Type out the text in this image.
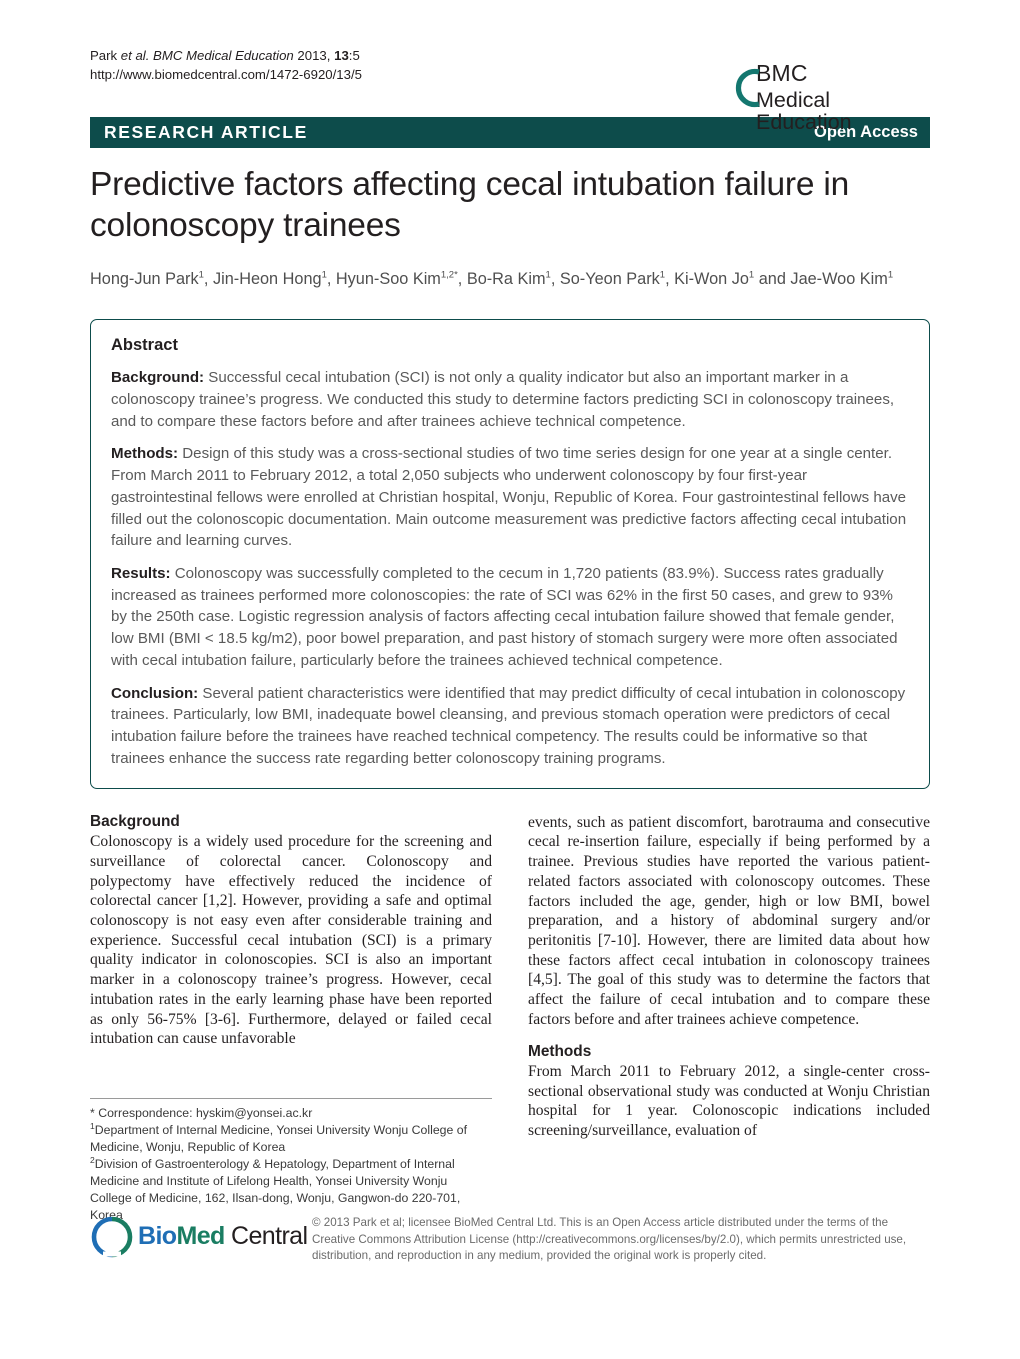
Park et al. BMC Medical Education 2013, 13:5
http://www.biomedcentral.com/1472-6920/13/5	BMC
Medical Education
RESEARCH ARTICLE	Open Access
Predictive factors affecting cecal intubation failure in colonoscopy trainees
Hong-Jun Park$^1$, Jin-Heon Hong$^1$, Hyun-Soo Kim$^{1,2*}$, Bo-Ra Kim$^1$, So-Yeon Park$^1$, Ki-Won Jo$^1$ and Jae-Woo Kim$^1$
Abstract

Background: Successful cecal intubation (SCI) is not only a quality indicator but also an important marker in a colonoscopy trainee’s progress. We conducted this study to determine factors predicting SCI in colonoscopy trainees, and to compare these factors before and after trainees achieve technical competence.

Methods: Design of this study was a cross-sectional studies of two time series design for one year at a single center. From March 2011 to February 2012, a total 2,050 subjects who underwent colonoscopy by four first-year gastrointestinal fellows were enrolled at Christian hospital, Wonju, Republic of Korea. Four gastrointestinal fellows have filled out the colonoscopic documentation. Main outcome measurement was predictive factors affecting cecal intubation failure and learning curves.

Results: Colonoscopy was successfully completed to the cecum in 1,720 patients (83.9%). Success rates gradually increased as trainees performed more colonoscopies: the rate of SCI was 62% in the first 50 cases, and grew to 93% by the 250th case. Logistic regression analysis of factors affecting cecal intubation failure showed that female gender, low BMI (BMI < 18.5 kg/m2), poor bowel preparation, and past history of stomach surgery were more often associated with cecal intubation failure, particularly before the trainees achieved technical competence.

Conclusion: Several patient characteristics were identified that may predict difficulty of cecal intubation in colonoscopy trainees. Particularly, low BMI, inadequate bowel cleansing, and previous stomach operation were predictors of cecal intubation failure before the trainees have reached technical competency. The results could be informative so that trainees enhance the success rate regarding better colonoscopy training programs.

Background

Colonoscopy is a widely used procedure for the screening and surveillance of colorectal cancer. Colonoscopy and polypectomy have effectively reduced the incidence of colorectal cancer [1,2]. However, providing a safe and optimal colonoscopy is not easy even after considerable training and experience. Successful cecal intubation (SCI) is a primary quality indicator in colonoscopies. SCI is also an important marker in a colonoscopy trainee’s progress. However, cecal intubation rates in the early learning phase have been reported as only 56-75% [3-6]. Furthermore, delayed or failed cecal intubation can cause unfavorable

events, such as patient discomfort, barotrauma and consecutive cecal re-insertion failure, especially if being performed by a trainee. Previous studies have reported the various patient-related factors associated with colonoscopy outcomes. These factors included the age, gender, high or low BMI, bowel preparation, and a history of abdominal surgery and/or peritonitis [7-10]. However, there are limited data about how these factors affect cecal intubation in colonoscopy trainees [4,5]. The goal of this study was to determine the factors that affect the failure of cecal intubation and to compare these factors before and after trainees achieve competence.

Methods

From March 2011 to February 2012, a single-center cross-sectional observational study was conducted at Wonju Christian hospital for 1 year. Colonoscopic indications included screening/surveillance, evaluation of

* Correspondence: hyskim@yonsei.ac.kr

$^1$Department of Internal Medicine, Yonsei University Wonju College of Medicine, Wonju, Republic of Korea

$^2$Division of Gastroenterology & Hepatology, Department of Internal Medicine and Institute of Lifelong Health, Yonsei University Wonju College of Medicine, 162, Ilsan-dong, Wonju, Gangwon-do 220-701, Korea

BioMed Central © 2013 Park et al; licensee BioMed Central Ltd. This is an Open Access article distributed under the terms of the Creative Commons Attribution License (http://creativecommons.org/licenses/by/2.0), which permits unrestricted use, distribution, and reproduction in any medium, provided the original work is properly cited.
